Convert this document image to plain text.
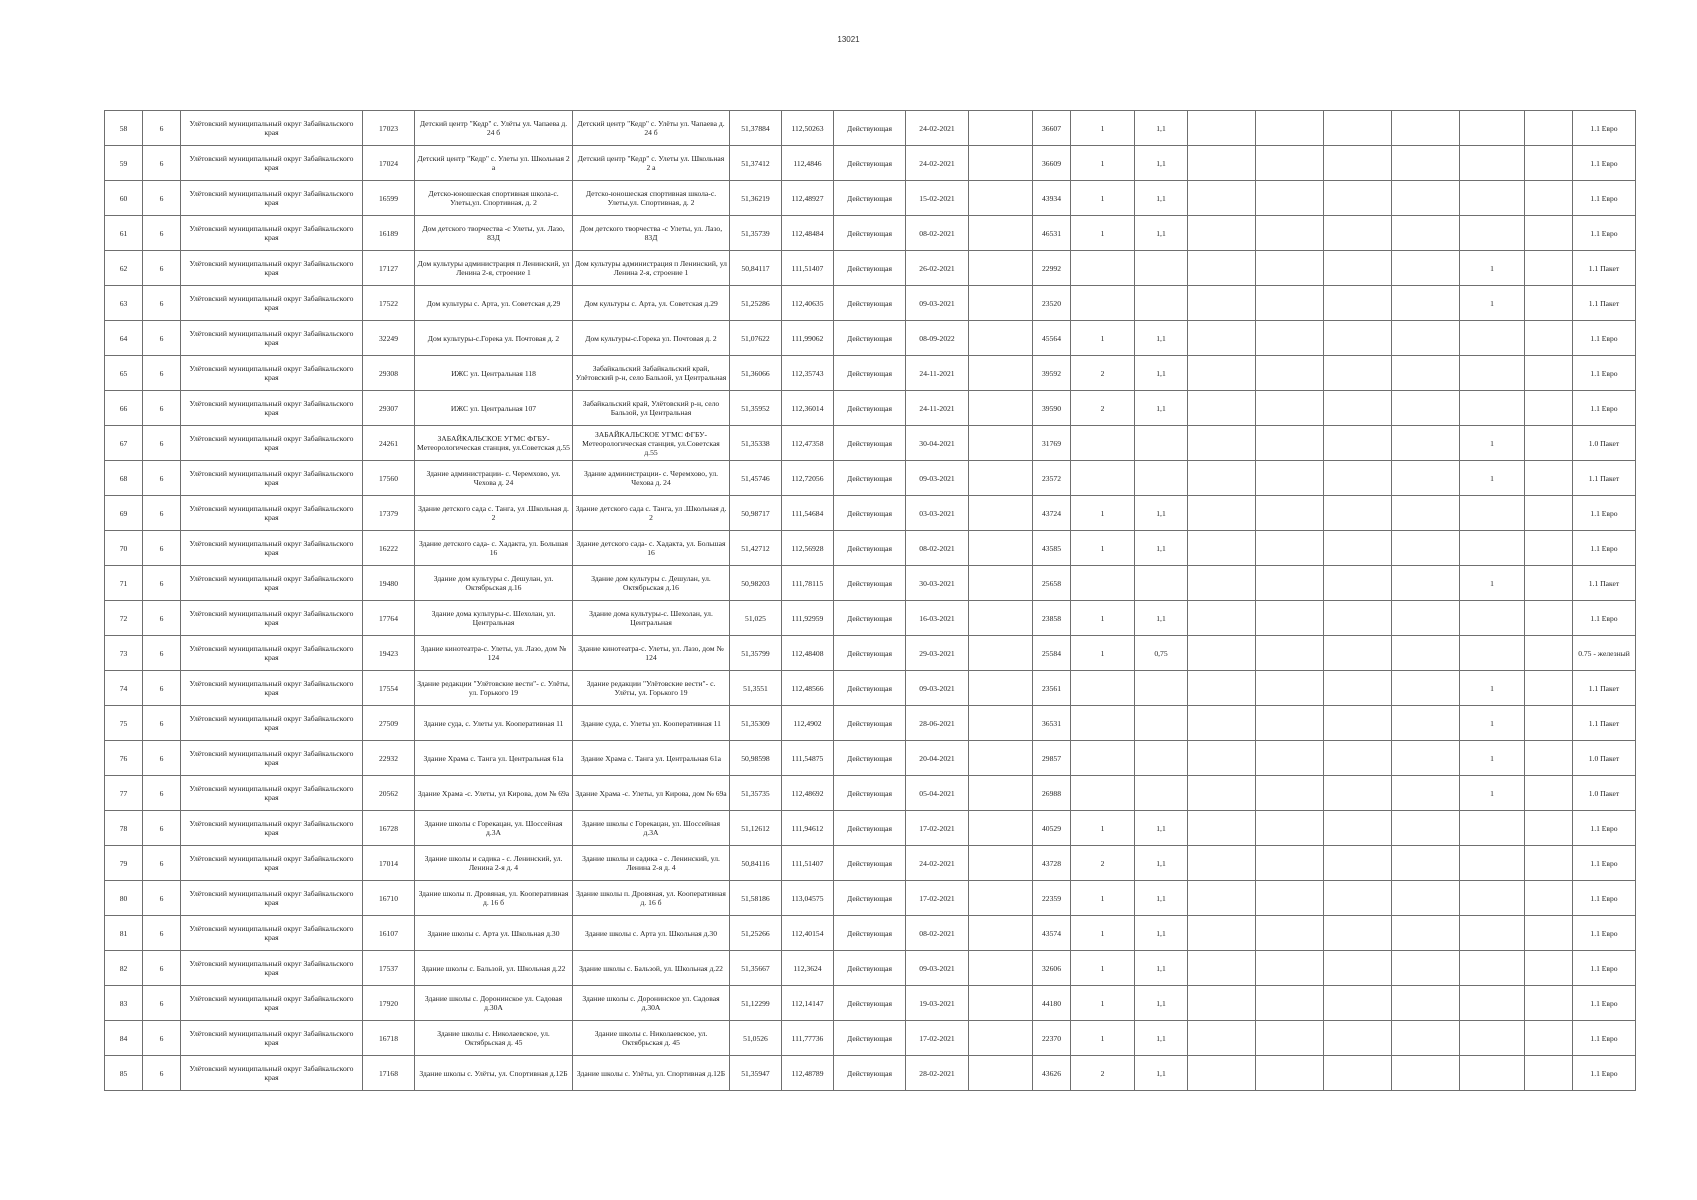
13021
58	6	Улётовский муниципальный округ Забайкальского края	17023	Детский центр "Кедр" с. Улёты ул. Чапаева д. 24 б	Детский центр "Кедр" с. Улёты ул. Чапаева д. 24 б	51,37884	112,50263	Действующая	24-02-2021		36607	1	1,1							1.1 Евро
59	6	Улётовский муниципальный округ Забайкальского края	17024	Детский центр "Кедр" с. Улеты ул. Школьная 2 а	Детский центр "Кедр" с. Улеты ул. Школьная 2 а	51,37412	112,4846	Действующая	24-02-2021		36609	1	1,1							1.1 Евро
60	6	Улётовский муниципальный округ Забайкальского края	16599	Детско-юношеская спортивная школа-с. Улеты,ул. Спортивная, д. 2	Детско-юношеская спортивная школа-с. Улеты,ул. Спортивная, д. 2	51,36219	112,48927	Действующая	15-02-2021		43934	1	1,1							1.1 Евро
61	6	Улётовский муниципальный округ Забайкальского края	16189	Дом детского творчества -с Улеты, ул. Лазо, 83Д	Дом детского творчества -с Улеты, ул. Лазо, 83Д	51,35739	112,48484	Действующая	08-02-2021		46531	1	1,1							1.1 Евро
62	6	Улётовский муниципальный округ Забайкальского края	17127	Дом культуры администрация п Ленинский, ул Ленина 2-я, строение 1	Дом культуры администрация п Ленинский, ул Ленина 2-я, строение 1	50,84117	111,51407	Действующая	26-02-2021		22992							1		1.1 Пакет
63	6	Улётовский муниципальный округ Забайкальского края	17522	Дом культуры с. Арта, ул. Советская д.29	Дом культуры с. Арта, ул. Советская д.29	51,25286	112,40635	Действующая	09-03-2021		23520							1		1.1 Пакет
64	6	Улётовский муниципальный округ Забайкальского края	32249	Дом культуры-с.Горека ул. Почтовая д. 2	Дом культуры-с.Горека ул. Почтовая д. 2	51,07622	111,99062	Действующая	08-09-2022		45564	1	1,1							1.1 Евро
65	6	Улётовский муниципальный округ Забайкальского края	29308	ИЖС ул. Центральная 118	Забайкальский Забайкальский край, Улётовский р-н, село Бальзой, ул Центральная	51,36066	112,35743	Действующая	24-11-2021		39592	2	1,1							1.1 Евро
66	6	Улётовский муниципальный округ Забайкальского края	29307	ИЖС ул. Центральная 107	Забайкальский край, Улётовский р-н, село Бальзой, ул Центральная	51,35952	112,36014	Действующая	24-11-2021		39590	2	1,1							1.1 Евро
67	6	Улётовский муниципальный округ Забайкальского края	24261	ЗАБАЙКАЛЬСКОЕ УГМС ФГБУ-Метеорологическая станция, ул.Советская д.55	ЗАБАЙКАЛЬСКОЕ УГМС ФГБУ-Метеорологическая станция, ул.Советская д.55	51,35338	112,47358	Действующая	30-04-2021		31769							1		1.0 Пакет
68	6	Улётовский муниципальный округ Забайкальского края	17560	Здание администрации- с. Черемхово, ул. Чехова д. 24	Здание администрации- с. Черемхово, ул. Чехова д. 24	51,45746	112,72056	Действующая	09-03-2021		23572							1		1.1 Пакет
69	6	Улётовский муниципальный округ Забайкальского края	17379	Здание детского сада с. Танга, ул .Школьная д. 2	Здание детского сада с. Танга, ул .Школьная д. 2	50,98717	111,54684	Действующая	03-03-2021		43724	1	1,1							1.1 Евро
70	6	Улётовский муниципальный округ Забайкальского края	16222	Здание детского сада- с. Хадакта, ул. Большая 16	Здание детского сада- с. Хадакта, ул. Большая 16	51,42712	112,56928	Действующая	08-02-2021		43585	1	1,1							1.1 Евро
71	6	Улётовский муниципальный округ Забайкальского края	19480	Здание дом культуры с. Дешулан, ул. Октябрьская д.16	Здание дом культуры с. Дешулан, ул. Октябрьская д.16	50,98203	111,78115	Действующая	30-03-2021		25658							1		1.1 Пакет
72	6	Улётовский муниципальный округ Забайкальского края	17764	Здание дома культуры-с. Шехолан, ул. Центральная	Здание дома культуры-с. Шехолан, ул. Центральная	51,025	111,92959	Действующая	16-03-2021		23858	1	1,1							1.1 Евро
73	6	Улётовский муниципальный округ Забайкальского края	19423	Здание кинотеатра-с. Улеты, ул. Лазо, дом № 124	Здание кинотеатра-с. Улеты, ул. Лазо, дом № 124	51,35799	112,48408	Действующая	29-03-2021		25584	1	0,75							0.75 - железный
74	6	Улётовский муниципальный округ Забайкальского края	17554	Здание редакции "Улётовские вести"- с. Улёты, ул. Горького 19	Здание редакции "Улётовские вести"- с. Улёты, ул. Горького 19	51,3551	112,48566	Действующая	09-03-2021		23561							1		1.1 Пакет
75	6	Улётовский муниципальный округ Забайкальского края	27509	Здание суда, с. Улеты ул. Кооперативная 11	Здание суда, с. Улеты ул. Кооперативная 11	51,35309	112,4902	Действующая	28-06-2021		36531							1		1.1 Пакет
76	6	Улётовский муниципальный округ Забайкальского края	22932	Здание Храма с. Танга ул. Центральная 61а	Здание Храма с. Танга ул. Центральная 61а	50,98598	111,54875	Действующая	20-04-2021		29857							1		1.0 Пакет
77	6	Улётовский муниципальный округ Забайкальского края	20562	Здание Храма -с. Улеты, ул Кирова, дом № 69а	Здание Храма -с. Улеты, ул Кирова, дом № 69а	51,35735	112,48692	Действующая	05-04-2021		26988							1		1.0 Пакет
78	6	Улётовский муниципальный округ Забайкальского края	16728	Здание школы с Горекацан, ул. Шоссейная д.3А	Здание школы с Горекацан, ул. Шоссейная д.3А	51,12612	111,94612	Действующая	17-02-2021		40529	1	1,1							1.1 Евро
79	6	Улётовский муниципальный округ Забайкальского края	17014	Здание школы и садика - с. Ленинский, ул. Ленина 2-я д. 4	Здание школы и садика - с. Ленинский, ул. Ленина 2-я д. 4	50,84116	111,51407	Действующая	24-02-2021		43728	2	1,1							1.1 Евро
80	6	Улётовский муниципальный округ Забайкальского края	16710	Здание школы п. Дровяная, ул. Кооперативная д. 16 б	Здание школы п. Дровяная, ул. Кооперативная д. 16 б	51,58186	113,04575	Действующая	17-02-2021		22359	1	1,1							1.1 Евро
81	6	Улётовский муниципальный округ Забайкальского края	16107	Здание школы с. Арта ул. Школьная д.30	Здание школы с. Арта ул. Школьная д.30	51,25266	112,40154	Действующая	08-02-2021		43574	1	1,1							1.1 Евро
82	6	Улётовский муниципальный округ Забайкальского края	17537	Здание школы с. Бальзой, ул. Школьная д.22	Здание школы с. Бальзой, ул. Школьная д.22	51,35667	112,3624	Действующая	09-03-2021		32606	1	1,1							1.1 Евро
83	6	Улётовский муниципальный округ Забайкальского края	17920	Здание школы с. Доронинское ул. Садовая д.30А	Здание школы с. Доронинское ул. Садовая д.30А	51,12299	112,14147	Действующая	19-03-2021		44180	1	1,1							1.1 Евро
84	6	Улётовский муниципальный округ Забайкальского края	16718	Здание школы с. Николаевское, ул. Октябрьская д. 45	Здание школы с. Николаевское, ул. Октябрьская д. 45	51,0526	111,77736	Действующая	17-02-2021		22370	1	1,1							1.1 Евро
85	6	Улётовский муниципальный округ Забайкальского края	17168	Здание школы с. Улёты, ул. Спортивная д.12Б	Здание школы с. Улёты, ул. Спортивная д.12Б	51,35947	112,48789	Действующая	28-02-2021		43626	2	1,1							1.1 Евро
